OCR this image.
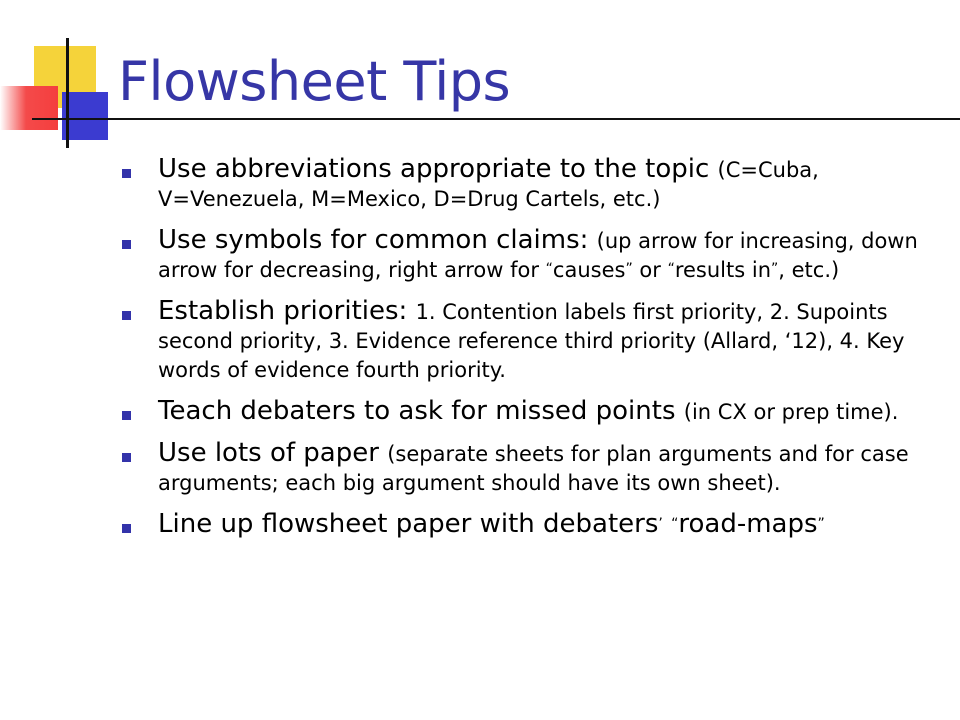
Flowsheet Tips
Use abbreviations appropriate to the topic (C=Cuba, V=Venezuela, M=Mexico, D=Drug Cartels, etc.)
Use symbols for common claims: (up arrow for increasing, down arrow for decreasing, right arrow for “causes” or “results in”, etc.)
Establish priorities: 1. Contention labels first priority, 2. Supoints second priority, 3. Evidence reference third priority (Allard, ‘12), 4. Key words of evidence fourth priority.
Teach debaters to ask for missed points (in CX or prep time).
Use lots of paper (separate sheets for plan arguments and for case arguments; each big argument should have its own sheet).
Line up flowsheet paper with debaters’ “road-maps”
